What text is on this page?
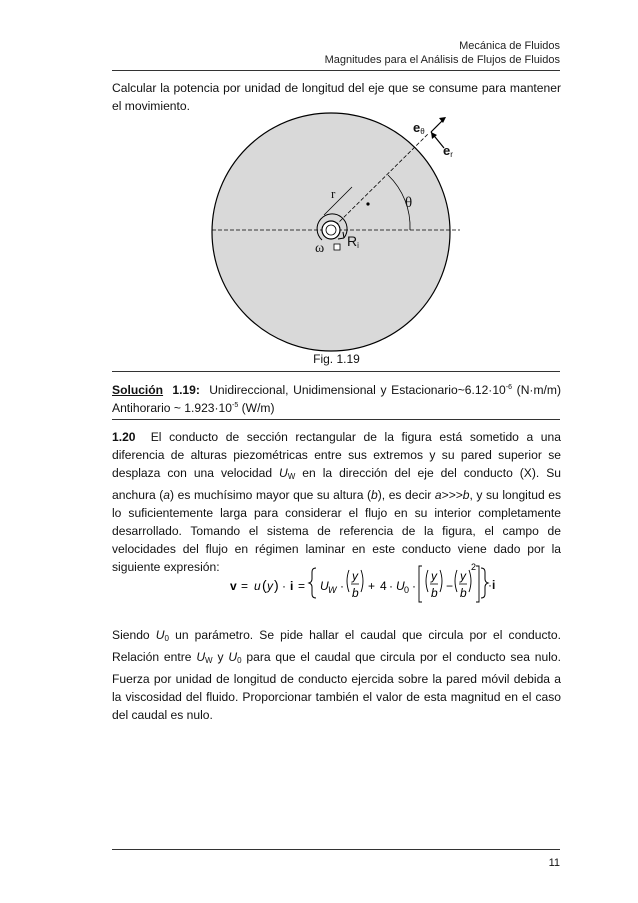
Mecánica de Fluidos
Magnitudes para el Análisis de Flujos de Fluidos
Calcular la potencia por unidad de longitud del eje que se consume para mantener el movimiento.
$e_\theta$
$e_r$
r
θ
$R_i$
ω
Fig. 1.19
Solución 1.19: Unidireccional, Unidimensional y $Estacionario\sim 6.12\cdot 10^{-6}$ (N·m/m)
Antihorario ~ $1.923\cdot 10^{-5}$ (W/m)
1.20 El conducto de sección rectangular de la figura está sometido a una diferencia de alturas piezométricas entre sus extremos y su pared superior se desplaza con una velocidad $U_W$ en la dirección del eje del conducto (X). Su anchura (a) es muchísimo mayor que su altura (b), es decir a>>>b, y su longitud es lo suficientemente larga para considerar el flujo en su interior completamente desarrollado. Tomando el sistema de referencia de la figura, el campo de velocidades del flujo en régimen laminar en este conducto viene dado por la siguiente expresión:
v = u ( y ) · i = U W ·
y
b + 4 · U 0 ·
y
b −
y
b
2
·i
Siendo $U_0$ un parámetro. Se pide hallar el caudal que circula por el conducto. Relación entre $U_W$ y $U_0$ para que el caudal que circula por el conducto sea nulo. Fuerza por unidad de longitud de conducto ejercida sobre la pared móvil debida a la viscosidad del fluido. Proporcionar también el valor de esta magnitud en el caso del caudal es nulo.
11
